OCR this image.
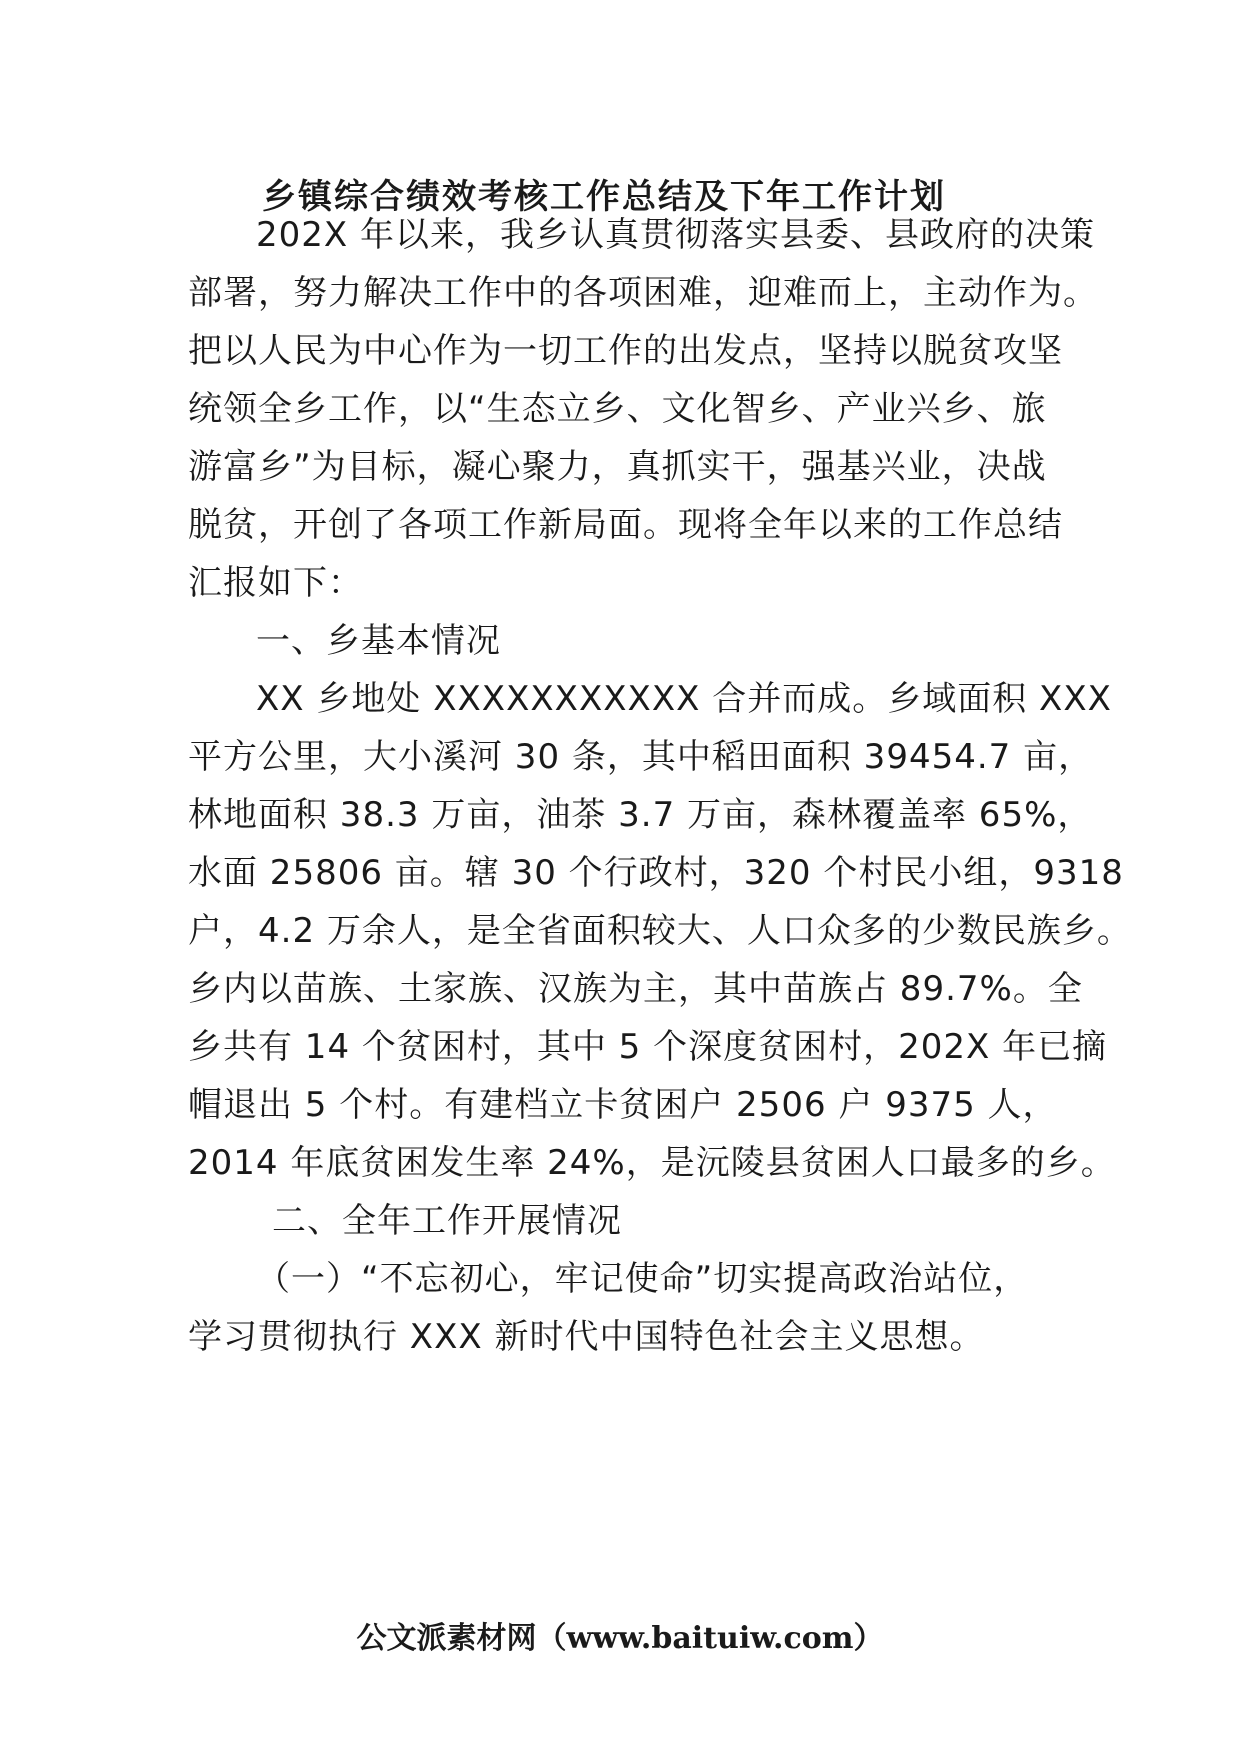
乡镇综合绩效考核工作总结及下年工作计划

202X 年以来，我乡认真贯彻落实县委、县政府的决策

部署，努力解决工作中的各项困难，迎难而上，主动作为。

把以人民为中心作为一切工作的出发点，坚持以脱贫攻坚

统领全乡工作，以“生态立乡、文化智乡、产业兴乡、旅

游富乡”为目标，凝心聚力，真抓实干，强基兴业，决战

脱贫，开创了各项工作新局面。现将全年以来的工作总结

汇报如下：

一、乡基本情况

XX 乡地处 XXXXXXXXXXX 合并而成。乡域面积 XXX

平方公里，大小溪河 30 条，其中稻田面积 39454.7 亩，

林地面积 38.3 万亩，油茶 3.7 万亩，森林覆盖率 65%，

水面 25806 亩。辖 30 个行政村，320 个村民小组，9318

户，4.2 万余人，是全省面积较大、人口众多的少数民族乡。

乡内以苗族、土家族、汉族为主，其中苗族占 89.7%。全

乡共有 14 个贫困村，其中 5 个深度贫困村，202X 年已摘

帽退出 5 个村。有建档立卡贫困户 2506 户 9375 人，

2014 年底贫困发生率 24%，是沅陵县贫困人口最多的乡。

二、全年工作开展情况

（一）“不忘初心，牢记使命”切实提高政治站位，

学习贯彻执行 XXX 新时代中国特色社会主义思想。

公文派素材网（www.baituiw.com）
